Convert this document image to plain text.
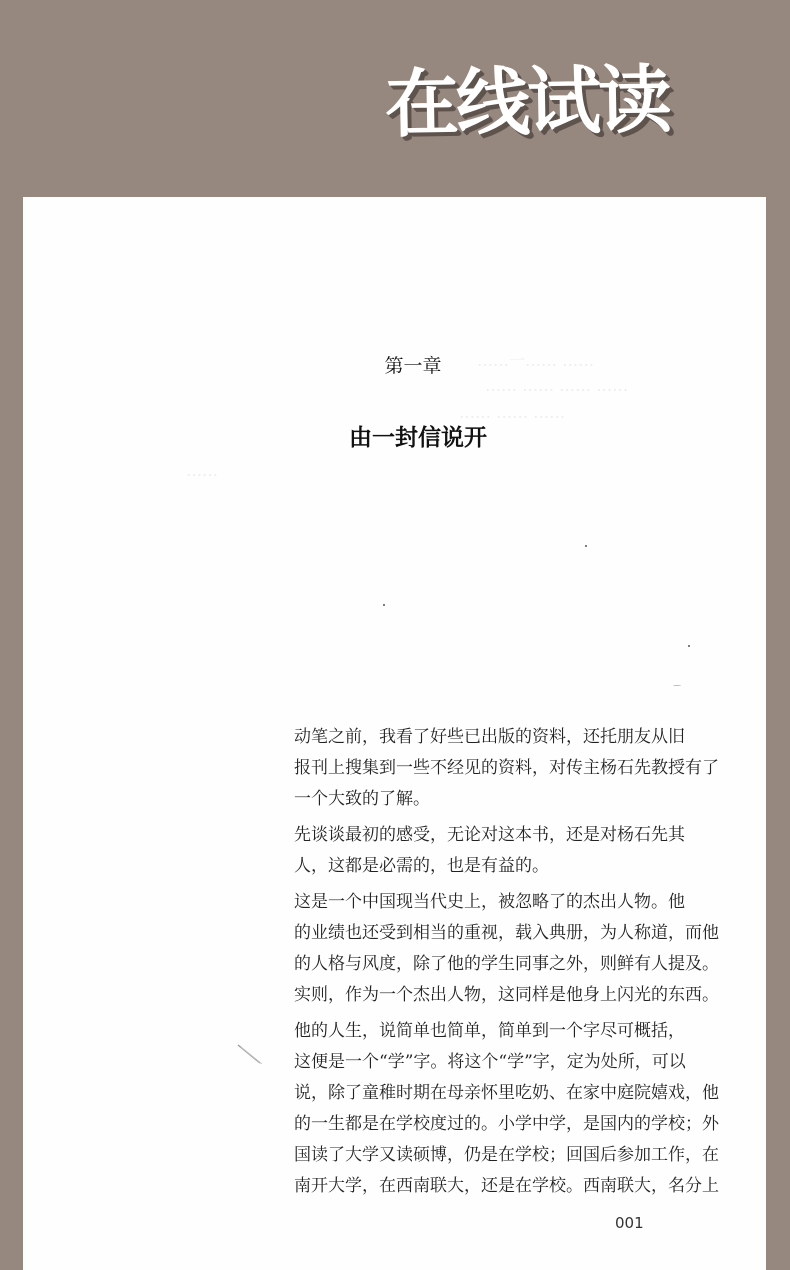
在线试读
……一…… ……
…… …… …… ……
…… …… ……
……
第一章
由一封信说开

动笔之前，我看了好些已出版的资料，还托朋友从旧
报刊上搜集到一些不经见的资料，对传主杨石先教授有了
一个大致的了解。

先谈谈最初的感受，无论对这本书，还是对杨石先其
人，这都是必需的，也是有益的。

这是一个中国现当代史上，被忽略了的杰出人物。他
的业绩也还受到相当的重视，载入典册，为人称道，而他
的人格与风度，除了他的学生同事之外，则鲜有人提及。
实则，作为一个杰出人物，这同样是他身上闪光的东西。

他的人生，说简单也简单，简单到一个字尽可概括，
这便是一个“学”字。将这个“学”字，定为处所，可以
说，除了童稚时期在母亲怀里吃奶、在家中庭院嬉戏，他
的一生都是在学校度过的。小学中学，是国内的学校；外
国读了大学又读硕博，仍是在学校；回国后参加工作，在
南开大学，在西南联大，还是在学校。西南联大，名分上

001
